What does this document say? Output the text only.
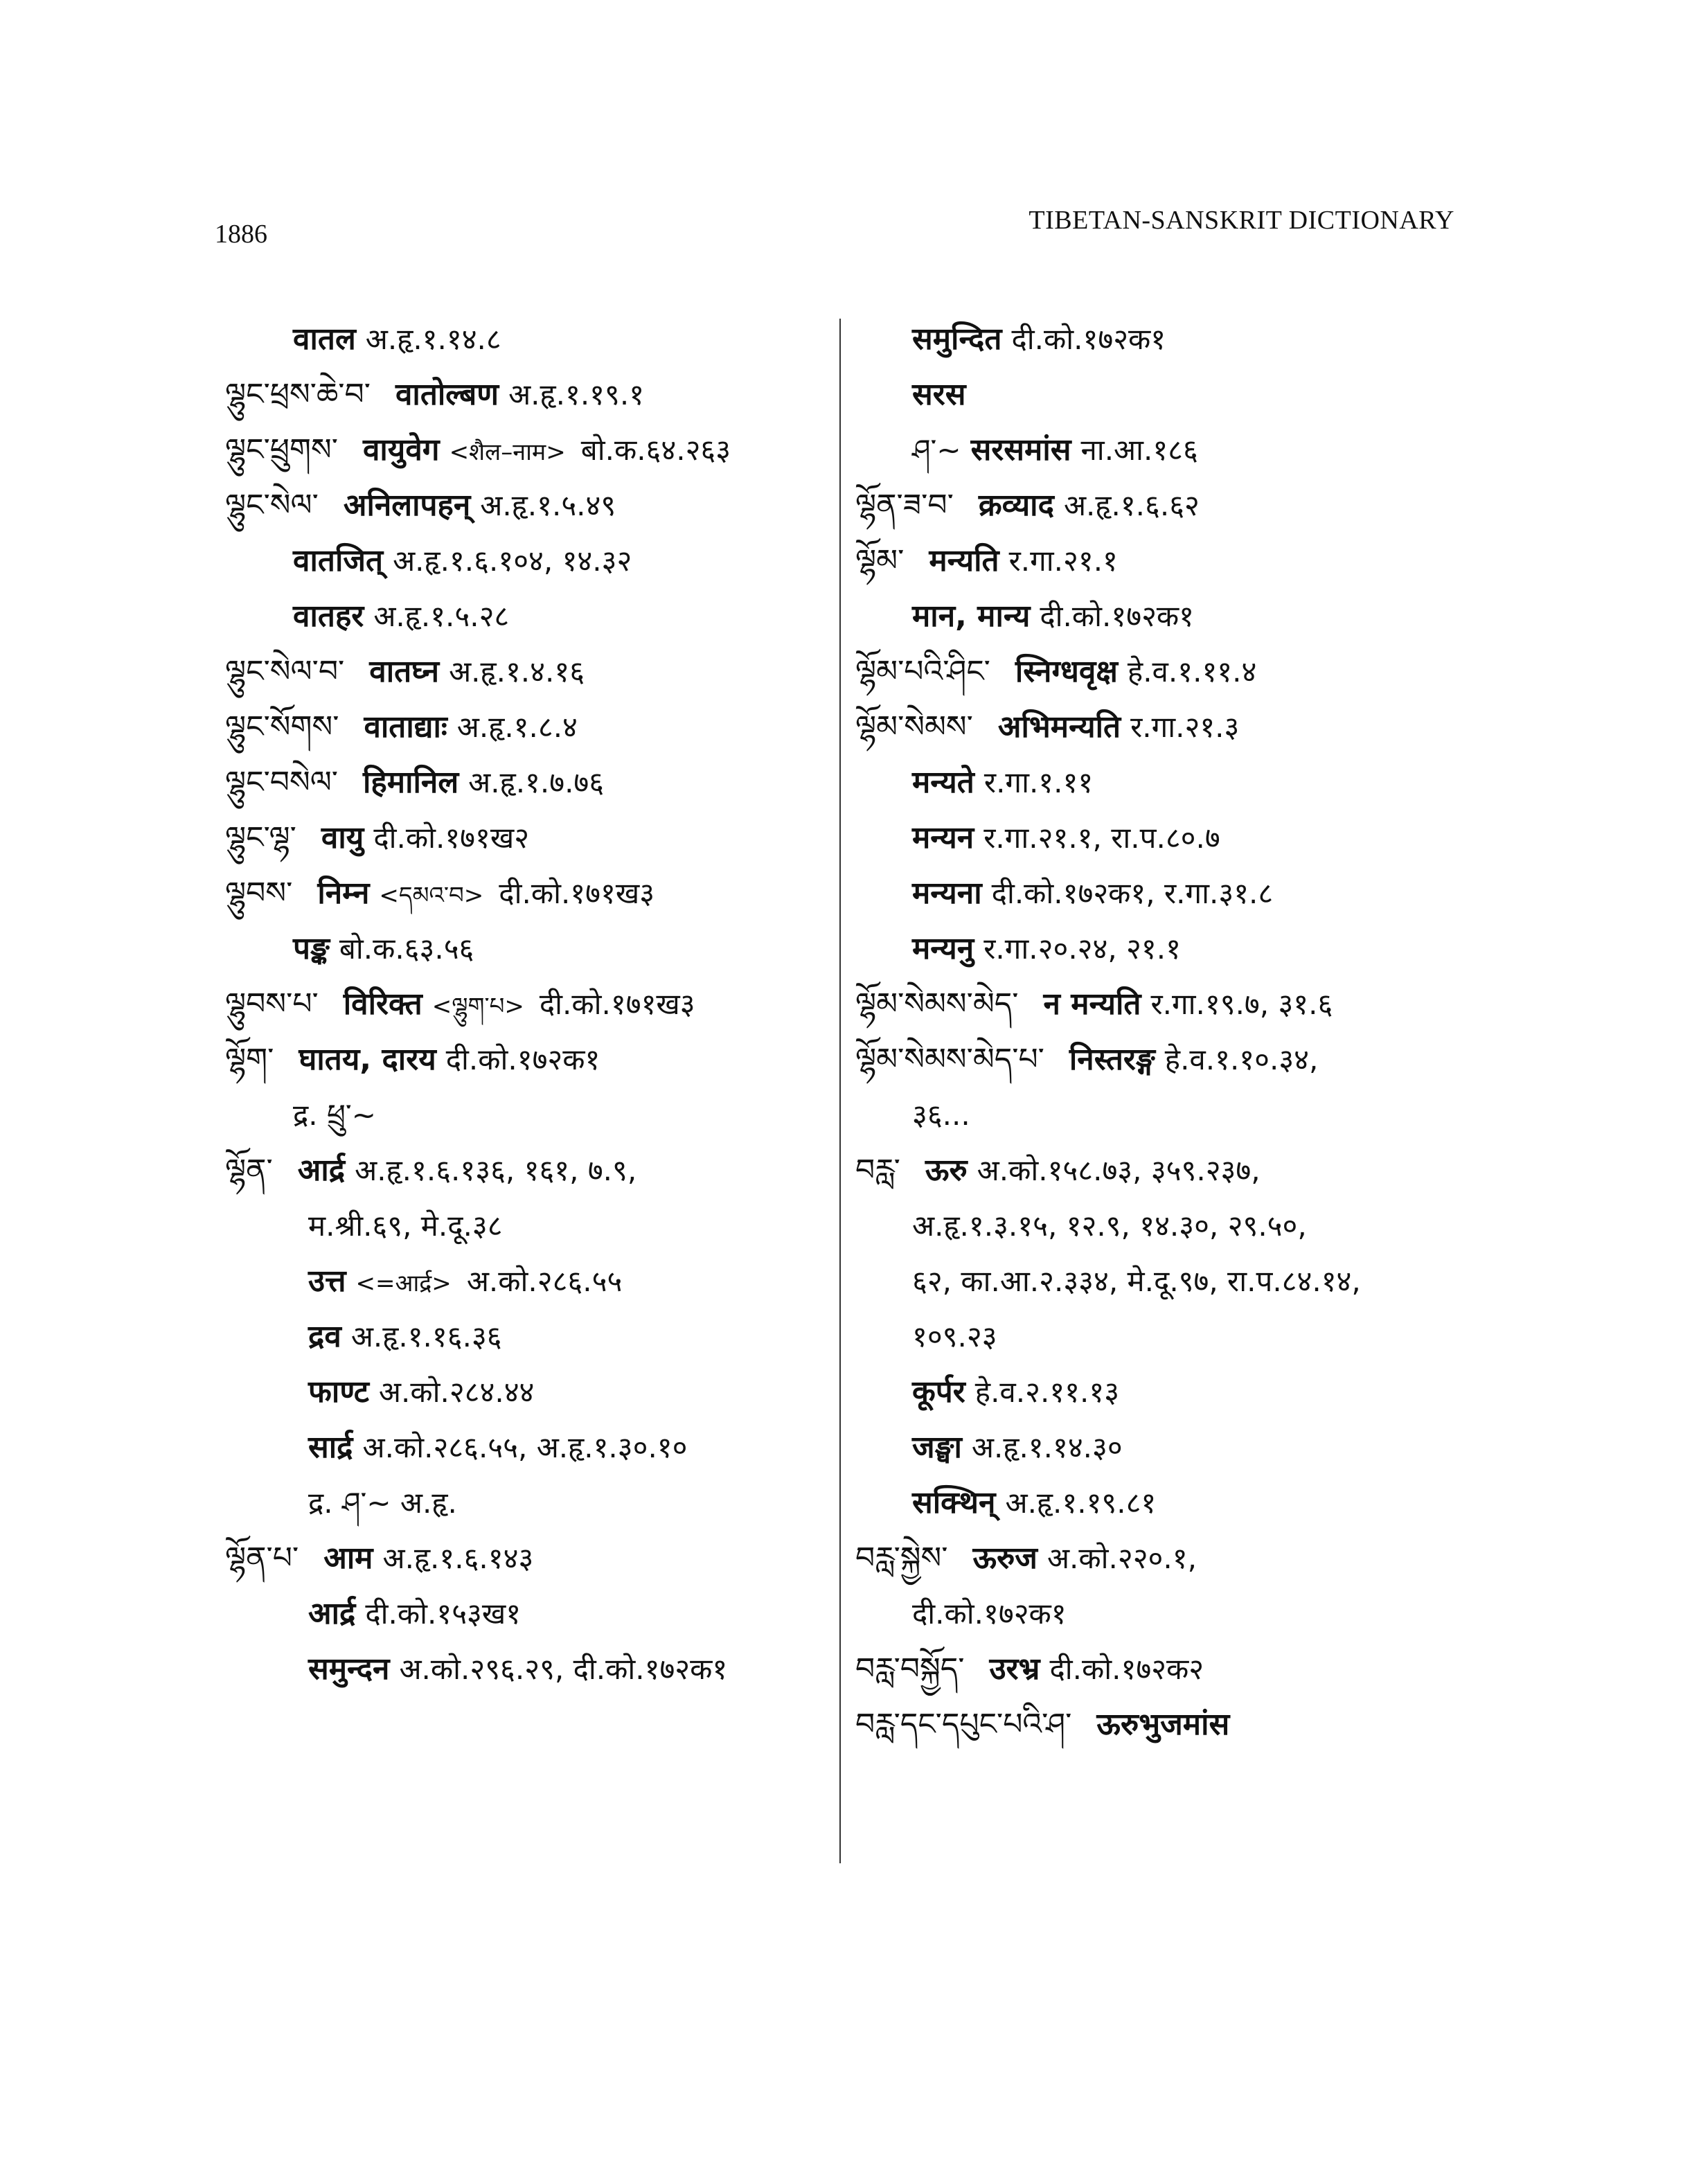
1886	TIBETAN-SANSKRIT DICTIONARY
वातल अ.हृ.१.१४.८
ལྷུང་ཕྲས་ཆེ་བ་ वातोल्बण अ.हृ.१.१९.१
ལྷུང་ཕྲུགས་ वायुवेग <शैल–नाम> बो.क.६४.२६३
ལྷུང་སེལ་ अनिलापहन् अ.हृ.१.५.४९
वातजित् अ.हृ.१.६.१०४, १४.३२
वातहर अ.हृ.१.५.२८
ལྷུང་སེལ་བ་ वातघ्न अ.हृ.१.४.१६
ལྷུང་སོགས་ वाताद्याः अ.हृ.१.८.४
ལྷུང་བསེལ་ हिमानिल अ.हृ.१.७.७६
ལྷུང་ལྷ་ वायु दी.को.१७१ख२
ལྷུབས་ निम्न <དམའ་བ> दी.को.१७१ख३
पङ्क बो.क.६३.५६
ལྷུབས་པ་ विरिक्त <ལྷུག་པ> दी.को.१७१ख३
ལྷོག་ घातय, दारय दी.को.१७२क१
द्र. ཕྲུ་~
ལྷོན་ आर्द्र अ.हृ.१.६.१३६, १६१, ७.९,
म.श्री.६९, मे.दू.३८
उत्त <=आर्द्र> अ.को.२८६.५५
द्रव अ.हृ.१.१६.३६
फाण्ट अ.को.२८४.४४
सार्द्र अ.को.२८६.५५, अ.हृ.१.३०.१०
द्र. ཤ་~ अ.हृ.
ལྷོན་པ་ आम अ.हृ.१.६.१४३
आर्द्र दी.को.१५३ख१
समुन्दन अ.को.२९६.२९, दी.को.१७२क१
समुन्दित दी.को.१७२क१
सरस
ཤ་~ सरसमांस ना.आ.१८६
ལྷོན་ཟ་བ་ क्रव्याद अ.हृ.१.६.६२
ལྷོམ་ मन्यति र.गा.२१.१
मान, मान्य दी.को.१७२क१
ལྷོམ་པའི་ཤིང་ स्निग्धवृक्ष हे.व.१.११.४
ལྷོམ་སེམས་ अभिमन्यति र.गा.२१.३
मन्यते र.गा.१.११
मन्यन र.गा.२१.१, रा.प.८०.७
मन्यना दी.को.१७२क१, र.गा.३१.८
मन्यनु र.गा.२०.२४, २१.१
ལྷོམ་སེམས་མེད་ न मन्यति र.गा.१९.७, ३१.६
ལྷོམ་སེམས་མེད་པ་ निस्तरङ्ग हे.व.१.१०.३४,
३६...
བརླ་ ऊरु अ.को.१५८.७३, ३५९.२३७,
अ.हृ.१.३.१५, १२.९, १४.३०, २९.५०,
६२, का.आ.२.३३४, मे.दू.९७, रा.प.८४.१४,
१०९.२३
कूर्पर हे.व.२.११.१३
जङ्घा अ.हृ.१.१४.३०
सक्थिन् अ.हृ.१.१९.८१
བརླ་སྐྱེས་ ऊरुज अ.को.२२०.१,
दी.को.१७२क१
བརླ་བསྐྱོད་ उरभ्र दी.को.१७२क२
བརླ་དང་དཔུང་པའི་ཤ་ ऊरुभुजमांस
